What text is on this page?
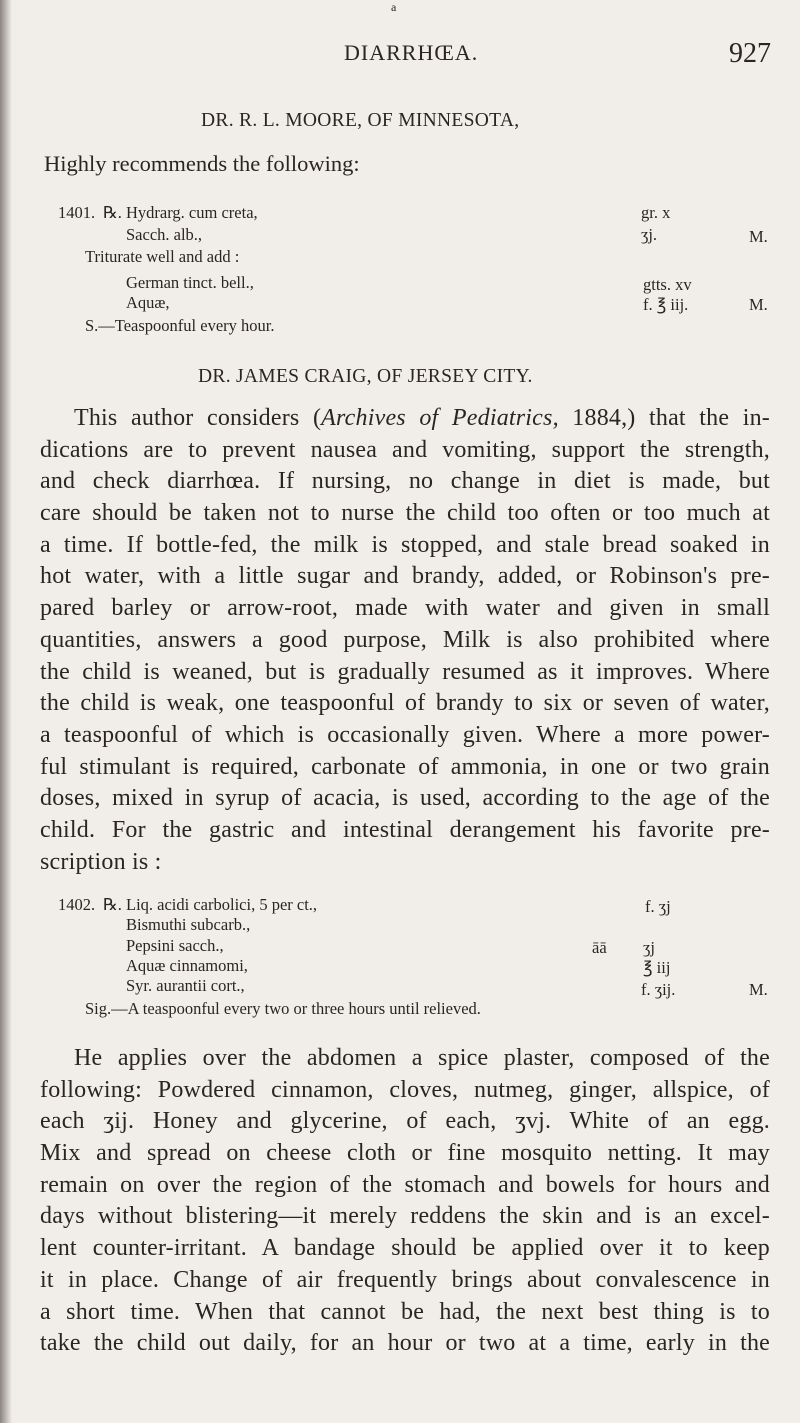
a
DIARRHŒA.	927
DR. R. L. MOORE, OF MINNESOTA,
Highly recommends the following:
1401. ℞. Hydrarg. cum creta,	gr. x
Sacch. alb.,	ʒj.	M.
Triturate well and add :
German tinct. bell.,	gtts. xv
Aquæ,	f. ℥ iij.	M.
S.—Teaspoonful every hour.
DR. JAMES CRAIG, OF JERSEY CITY.
This author considers (Archives of Pediatrics, 1884,) that the in-
dications are to prevent nausea and vomiting, support the strength,
and check diarrhœa. If nursing, no change in diet is made, but
care should be taken not to nurse the child too often or too much at
a time. If bottle-fed, the milk is stopped, and stale bread soaked in
hot water, with a little sugar and brandy, added, or Robinson's pre-
pared barley or arrow-root, made with water and given in small
quantities, answers a good purpose, Milk is also prohibited where
the child is weaned, but is gradually resumed as it improves. Where
the child is weak, one teaspoonful of brandy to six or seven of water,
a teaspoonful of which is occasionally given. Where a more power-
ful stimulant is required, carbonate of ammonia, in one or two grain
doses, mixed in syrup of acacia, is used, according to the age of the
child. For the gastric and intestinal derangement his favorite pre-
scription is :
1402. ℞. Liq. acidi carbolici, 5 per ct.,	f. ʒj
Bismuthi subcarb.,
Pepsini sacch.,	āā ʒj
Aquæ cinnamomi,	℥ iij
Syr. aurantii cort.,	f. ʒij.	M.
Sig.—A teaspoonful every two or three hours until relieved.
He applies over the abdomen a spice plaster, composed of the
following: Powdered cinnamon, cloves, nutmeg, ginger, allspice, of
each ʒij. Honey and glycerine, of each, ʒvj. White of an egg.
Mix and spread on cheese cloth or fine mosquito netting. It may
remain on over the region of the stomach and bowels for hours and
days without blistering—it merely reddens the skin and is an excel-
lent counter-irritant. A bandage should be applied over it to keep
it in place. Change of air frequently brings about convalescence in
a short time. When that cannot be had, the next best thing is to
take the child out daily, for an hour or two at a time, early in the
